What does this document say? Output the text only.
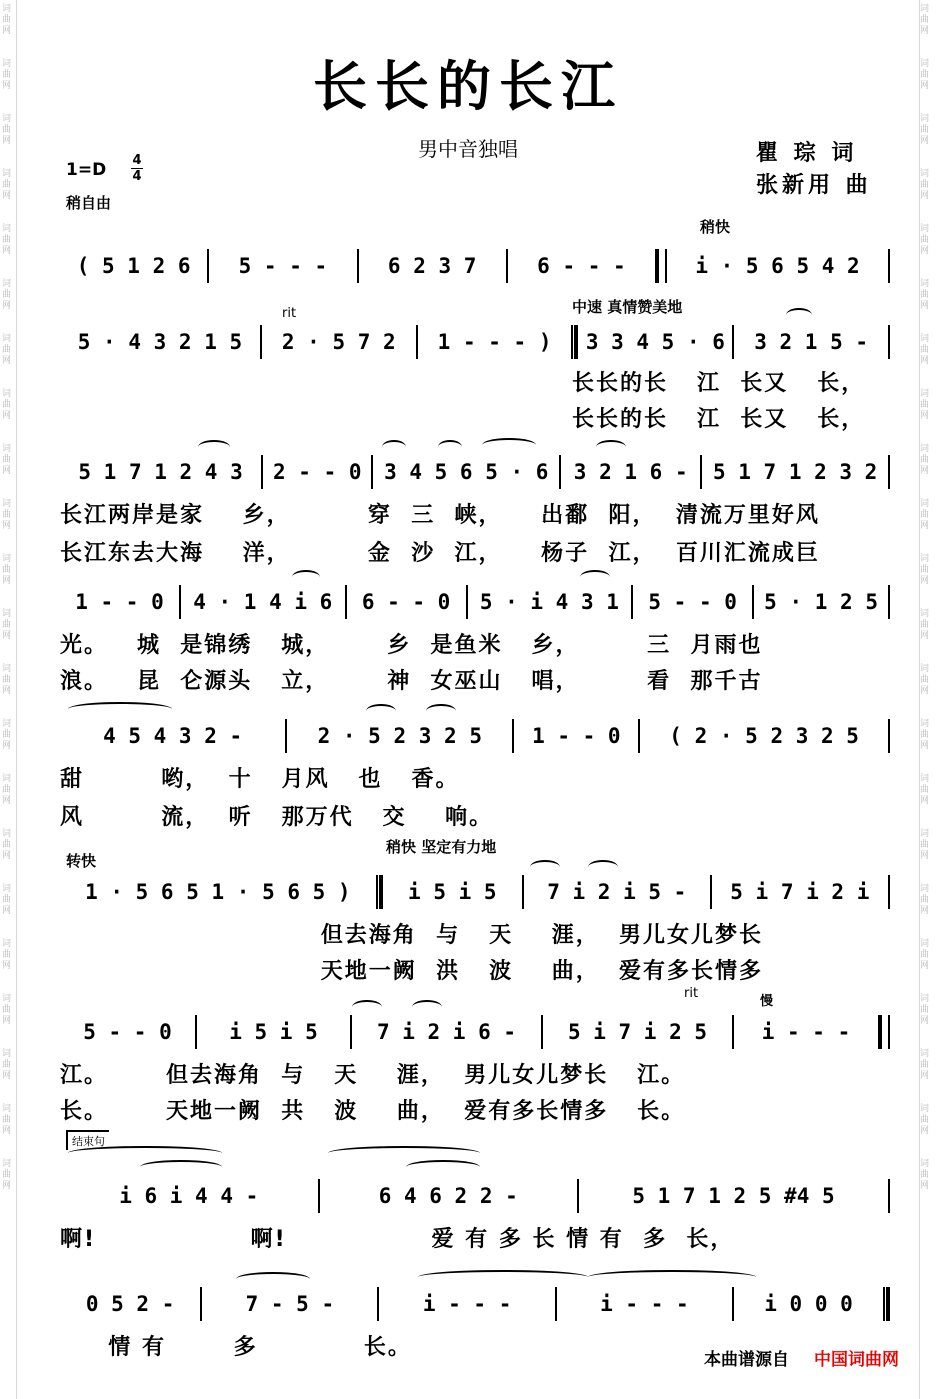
词曲网
词曲网
词曲网
词曲网
词曲网
词曲网
词曲网
词曲网
词曲网
词曲网
词曲网
词曲网
词曲网
词曲网
词曲网
词曲网
词曲网
词曲网
词曲网
词曲网
词曲网
词曲网
词曲网
词曲网
词曲网
词曲网
词曲网
词曲网
词曲网
词曲网
词曲网
词曲网
词曲网
词曲网
词曲网
词曲网
词曲网
词曲网
词曲网
词曲网
词曲网
词曲网
词曲网
词曲网
长长的长江
男中音独唱	瞿 琮 词
张新用 曲
1=D 4
4
稍自由
稍快
rit	中速 真情赞美地
转快
稍快 坚定有力地
rit
慢
结束句
( 5 1 2 6	5 - - -	6 2 3 7	6 - - -	i · 5 6 5 4 2
5 · 4 3 2 1 5	2 · 5 7 2	1 - - - )	3 3 4 5 · 6	3 2 1 5 -
长长的长   江  长又   长，
长长的长   江  长又   长，
5 1 7 1 2 4 3	2 - - 0	3 4 5 6 5 · 6	3 2 1 6 -	5 1 7 1 2 3 2
长江两岸是家    乡，        穿  三  峡，    出鄱  阳，  清流万里好风
长江东去大海    洋，        金  沙  江，    杨子  江，  百川汇流成巨
1 - - 0	4 · 1 4 i 6	6 - - 0	5 · i 4 3 1	5 - - 0	5 · 1 2 5
光。   城  是锦绣   城，      乡  是鱼米   乡，       三  月雨也
浪。   昆  仑源头   立，      神  女巫山   唱，       看  那千古
4 5 4 3 2 -	2 · 5 2 3 2 5	1 - - 0	( 2 · 5 2 3 2 5
甜        哟，  十   月风   也   香。
风        流，  听   那万代   交    响。
1 · 5 6 5 1 · 5 6 5 )	i 5 i 5	7 i 2 i 5 -	5 i 7 i 2 i
但去海角  与   天    涯，  男儿女儿梦长
天地一阙  洪   波    曲，  爱有多长情多
5 - - 0	i 5 i 5	7 i 2 i 6 -	5 i 7 i 2 5	i - - -
江。      但去海角  与   天    涯，  男儿女儿梦长   江。
长。      天地一阙  共   波    曲，  爱有多长情多   长。
i 6 i 4 4 -	6 4 6 2 2 -	5 1 7 1 2 5 #4 5
啊!                啊!               爱 有 多 长 情 有  多  长，
0 5 2 -	7 - 5 -	i - - -	i - - -	i 0 0 0
情 有       多           长。	本曲谱源自 中国词曲网
